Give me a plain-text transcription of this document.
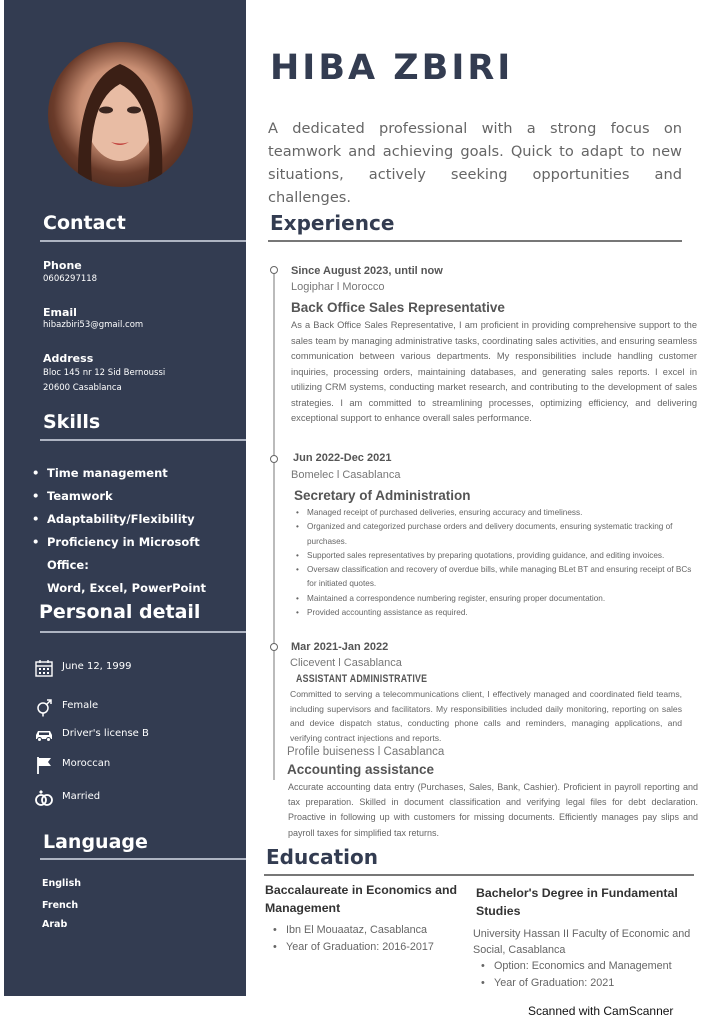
Contact
Phone
0606297118
Email
hibazbiri53@gmail.com
Address
Bloc 145 nr 12 Sid Bernoussi
20600 Casablanca
Skills
• Time management
• Teamwork
• Adaptability/Flexibility
• Proficiency in Microsoft Office:
Word, Excel, PowerPoint
Personal detail
June 12, 1999
Female
Driver's license B
Moroccan
Married
Language
English
French
Arab
HIBA ZBIRI
A dedicated professional with a strong focus on teamwork and achieving goals. Quick to adapt to new situations, actively seeking opportunities and challenges.
Experience
Since August 2023, until now
Logiphar l Morocco
Back Office Sales Representative
As a Back Office Sales Representative, I am proficient in providing comprehensive support to the sales team by managing administrative tasks, coordinating sales activities, and ensuring seamless communication between various departments. My responsibilities include handling customer inquiries, processing orders, maintaining databases, and generating sales reports. I excel in utilizing CRM systems, conducting market research, and contributing to the development of sales strategies. I am committed to streamlining processes, optimizing efficiency, and delivering exceptional support to enhance overall sales performance.
Jun 2022-Dec 2021
Bomelec l Casablanca
Secretary of Administration
• Managed receipt of purchased deliveries, ensuring accuracy and timeliness.
• Organized and categorized purchase orders and delivery documents, ensuring systematic tracking of purchases.
• Supported sales representatives by preparing quotations, providing guidance, and editing invoices.
• Oversaw classification and recovery of overdue bills, while managing BLet BT and ensuring receipt of BCs for initiated quotes.
• Maintained a correspondence numbering register, ensuring proper documentation.
• Provided accounting assistance as required.
Mar 2021-Jan 2022
Clicevent l Casablanca
ASSISTANT ADMINISTRATIVE
Committed to serving a telecommunications client, I effectively managed and coordinated field teams, including supervisors and facilitators. My responsibilities included daily monitoring, reporting on sales and device dispatch status, conducting phone calls and reminders, managing applications, and verifying contract injections and reports.
Profile buiseness l Casablanca
Accounting assistance
Accurate accounting data entry (Purchases, Sales, Bank, Cashier). Proficient in payroll reporting and tax preparation. Skilled in document classification and verifying legal files for debt declaration. Proactive in following up with customers for missing documents. Efficiently manages pay slips and payroll taxes for simplified tax returns.
Education
Baccalaureate in Economics and Management
• Ibn El Mouaataz, Casablanca
• Year of Graduation: 2016-2017
Bachelor's Degree in Fundamental Studies
University Hassan II Faculty of Economic and Social, Casablanca
• Option: Economics and Management
• Year of Graduation: 2021
Scanned with CamScanner
